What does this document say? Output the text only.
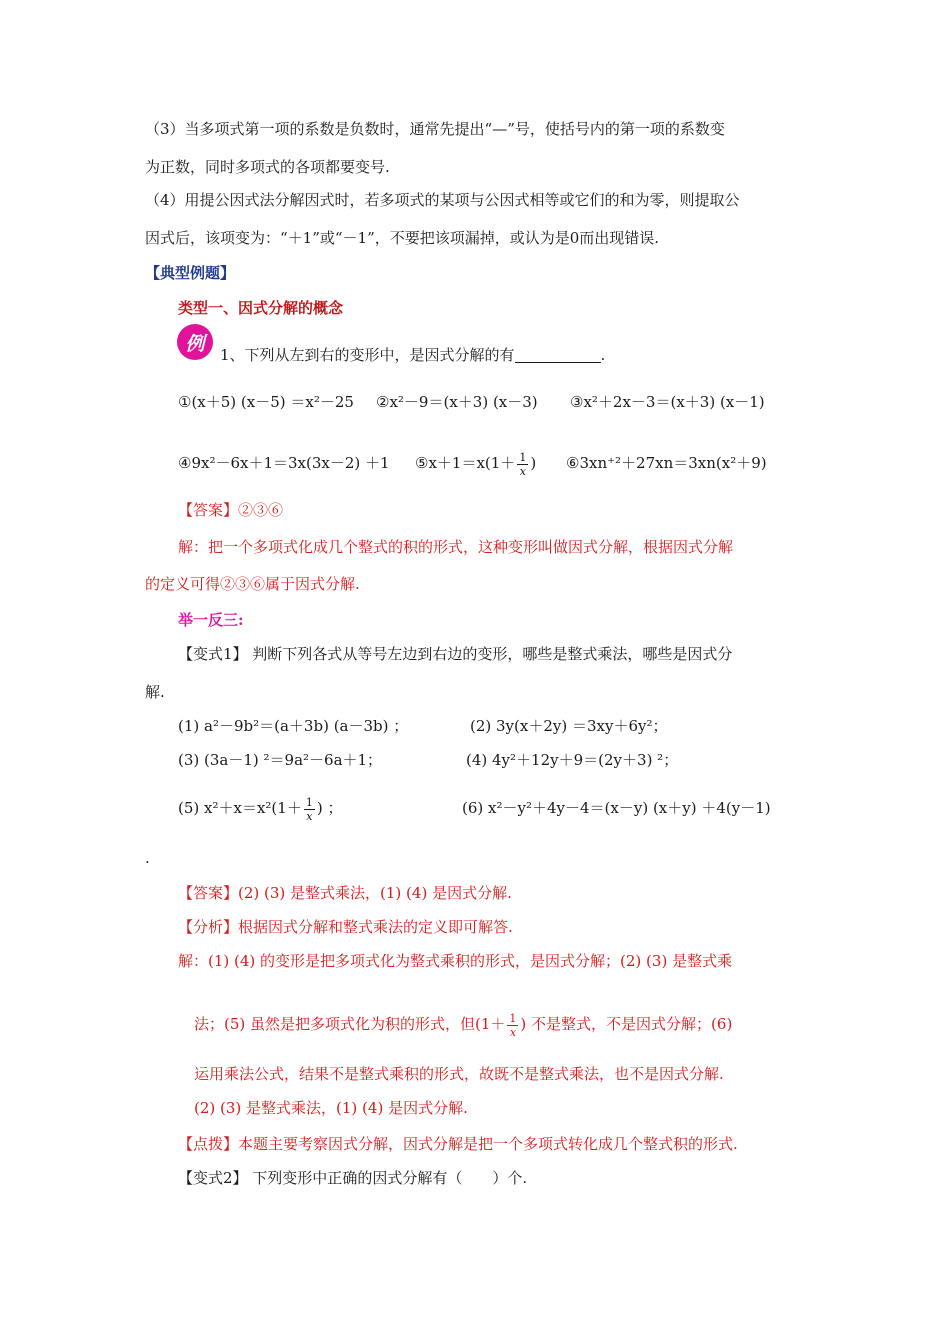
（3）当多项式第一项的系数是负数时，通常先提出“—”号，使括号内的第一项的系数变
为正数，同时多项式的各项都要变号.
（4）用提公因式法分解因式时，若多项式的某项与公因式相等或它们的和为零，则提取公
因式后，该项变为：“＋1”或“－1”，不要把该项漏掉，或认为是0而出现错误.
【典型例题】
类型一、因式分解的概念
例
1、下列从左到右的变形中，是因式分解的有	.
①(x＋5) (x－5) ＝x²－25 ②x²－9＝(x＋3) (x－3) ③x²＋2x－3＝(x＋3) (x－1)
④9x²－6x＋1＝3x(3x－2) ＋1 ⑤x＋1＝x(1＋ $\frac{1}{x}$ ) ⑥3xn⁺²＋27xn＝3xn(x²＋9)
【答案】②③⑥
解：把一个多项式化成几个整式的积的形式，这种变形叫做因式分解，根据因式分解
的定义可得②③⑥属于因式分解.
举一反三:
【变式1】 判断下列各式从等号左边到右边的变形，哪些是整式乘法，哪些是因式分
解.
(1) a²－9b²＝(a＋3b) (a－3b) ；	(2) 3y(x＋2y) ＝3xy＋6y²；
(3) (3a－1) ²＝9a²－6a＋1；	(4) 4y²＋12y＋9＝(2y＋3) ²；
(5) $x^2+x=x^2(1+ \frac{1}{x}$ ) ；	(6) x²－y²＋4y－4＝(x－y) (x＋y) ＋4(y－1)
.
【答案】(2) (3) 是整式乘法，(1) (4) 是因式分解.
【分析】根据因式分解和整式乘法的定义即可解答.
解：(1) (4) 的变形是把多项式化为整式乘积的形式，是因式分解；(2) (3) 是整式乘
法；(5) 虽然是把多项式化为积的形式，但($1+ \frac{1}{x}$ ) 不是整式，不是因式分解；(6)
运用乘法公式，结果不是整式乘积的形式，故既不是整式乘法，也不是因式分解.
(2) (3) 是整式乘法，(1) (4) 是因式分解.
【点拨】本题主要考察因式分解，因式分解是把一个多项式转化成几个整式积的形式.
【变式2】 下列变形中正确的因式分解有（　　）个.
